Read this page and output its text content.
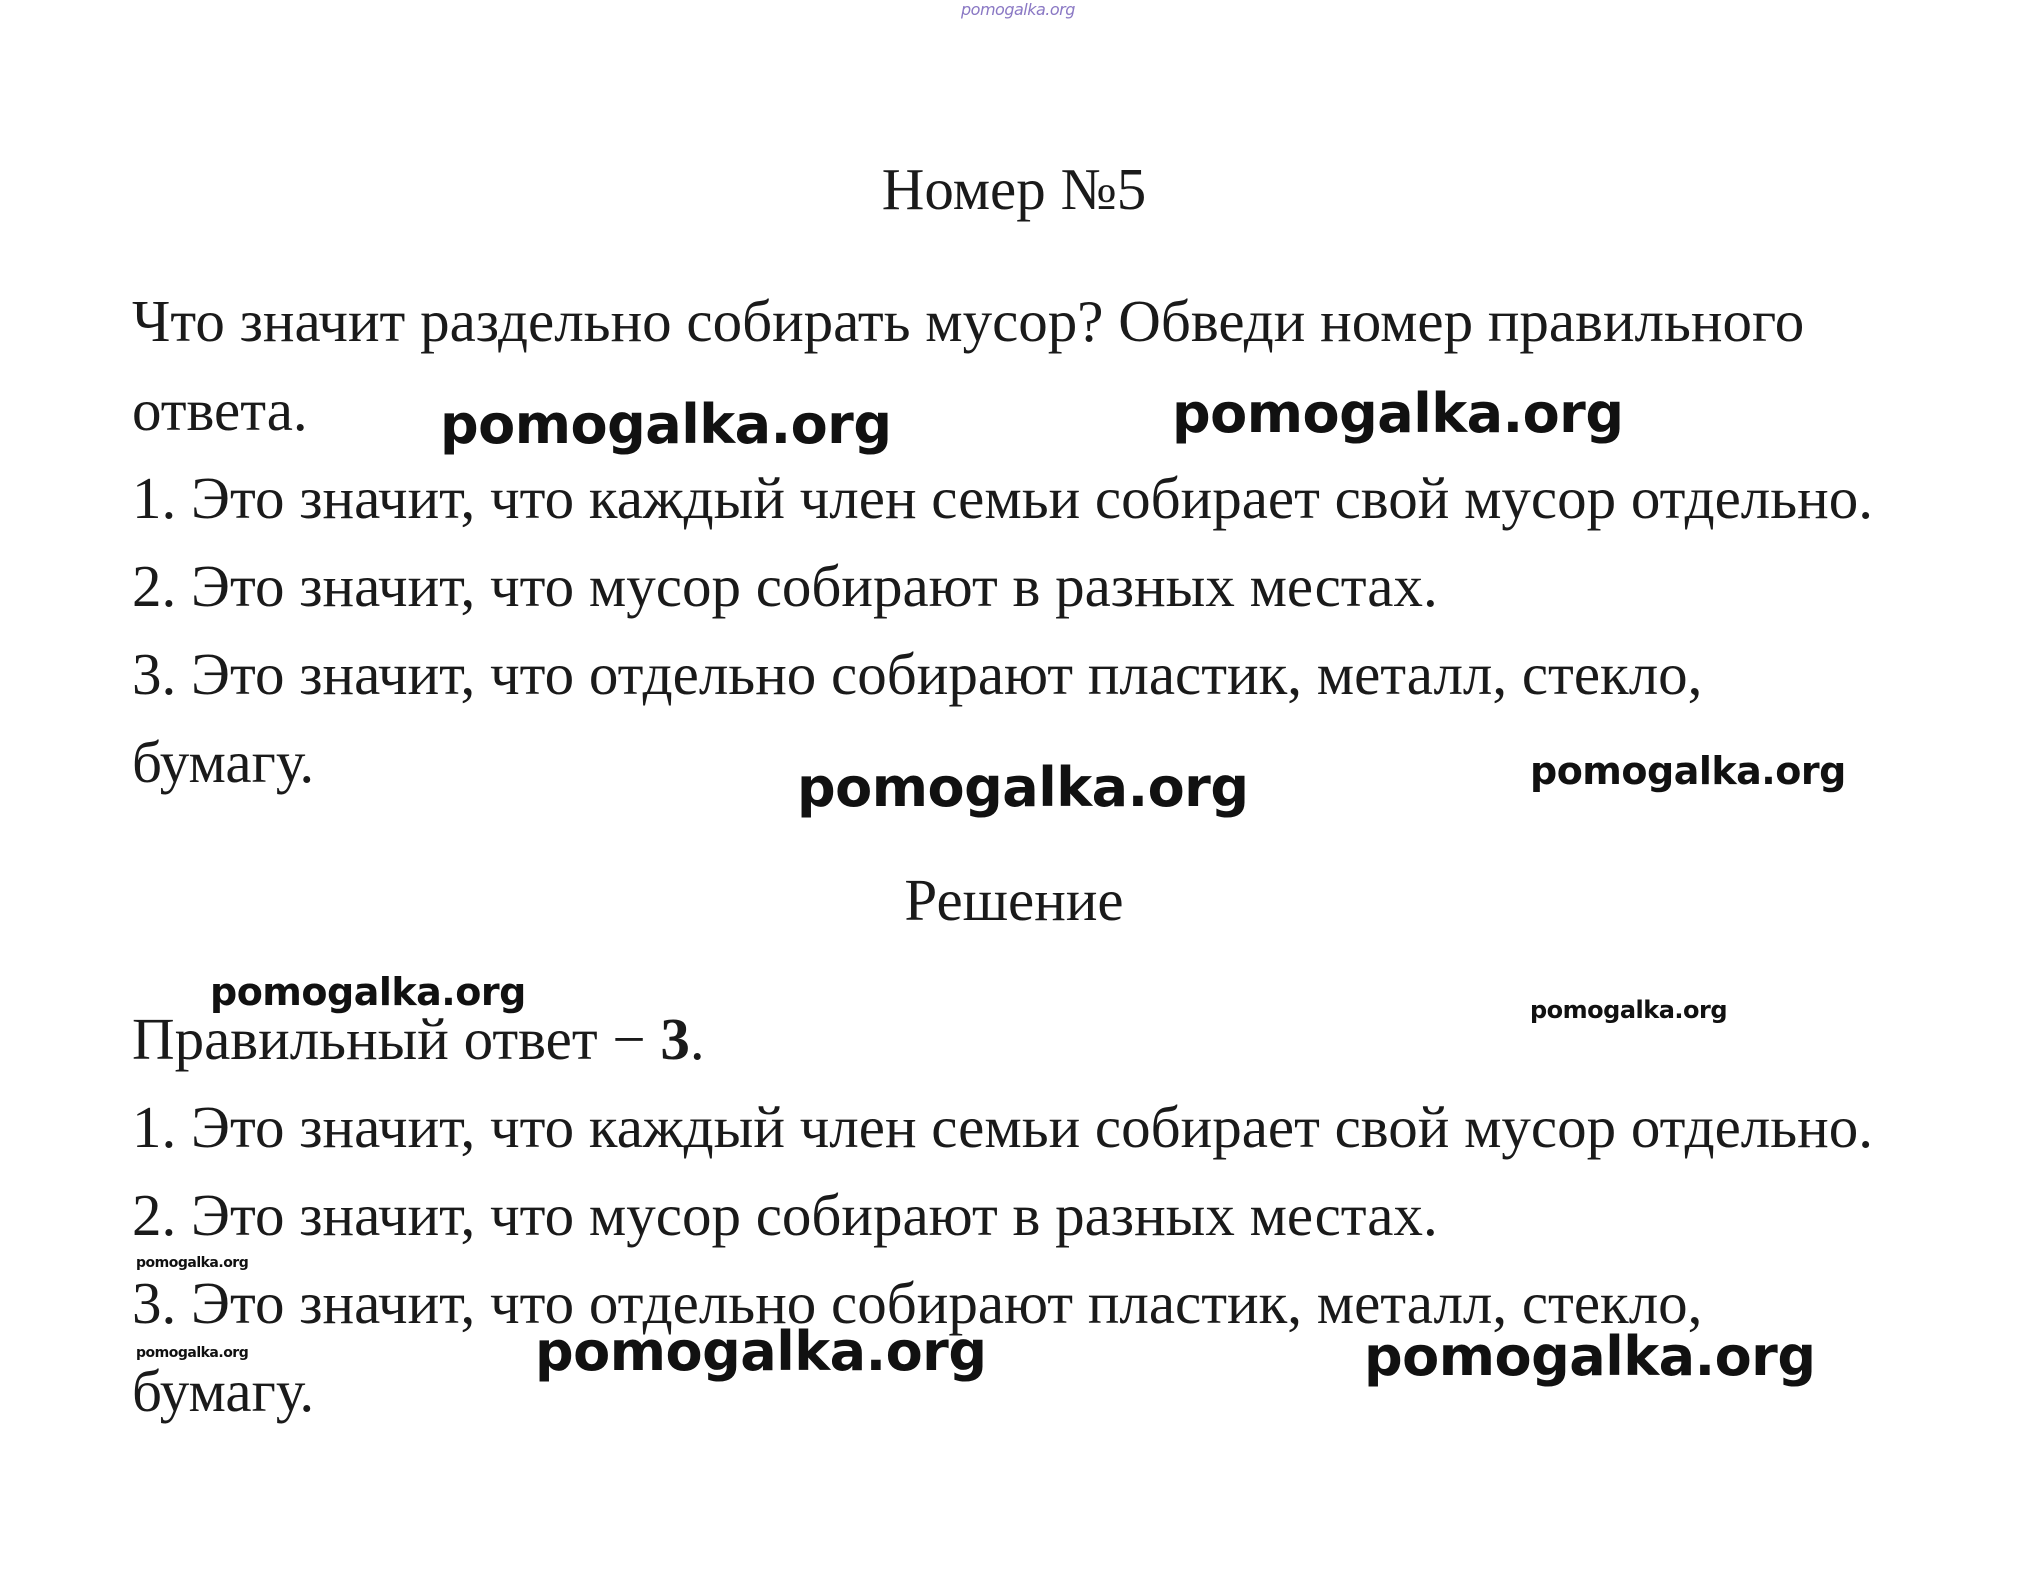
pomogalka.org
Номер №5
Что значит раздельно собирать мусор? Обведи номер правильного
ответа.
1. Это значит, что каждый член семьи собирает свой мусор отдельно.
2. Это значит, что мусор собирают в разных местах.
3. Это значит, что отдельно собирают пластик, металл, стекло,
бумагу.
Решение
Правильный ответ − 3.
1. Это значит, что каждый член семьи собирает свой мусор отдельно.
2. Это значит, что мусор собирают в разных местах.
3. Это значит, что отдельно собирают пластик, металл, стекло,
бумагу.
pomogalka.org	pomogalka.org
pomogalka.org	pomogalka.org
pomogalka.org	pomogalka.org
pomogalka.org
pomogalka.org	pomogalka.org	pomogalka.org
